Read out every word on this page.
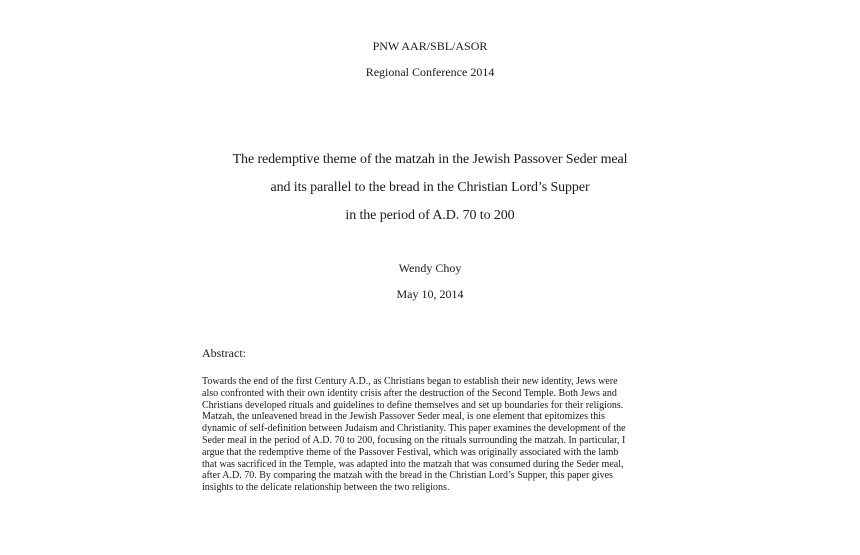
PNW AAR/SBL/ASOR
Regional Conference 2014
The redemptive theme of the matzah in the Jewish Passover Seder meal
and its parallel to the bread in the Christian Lord’s Supper
in the period of A.D. 70 to 200
Wendy Choy
May 10, 2014
Abstract:
Towards the end of the first Century A.D., as Christians began to establish their new identity, Jews were
also confronted with their own identity crisis after the destruction of the Second Temple. Both Jews and
Christians developed rituals and guidelines to define themselves and set up boundaries for their religions.
Matzah, the unleavened bread in the Jewish Passover Seder meal, is one element that epitomizes this
dynamic of self-definition between Judaism and Christianity. This paper examines the development of the
Seder meal in the period of A.D. 70 to 200, focusing on the rituals surrounding the matzah. In particular, I
argue that the redemptive theme of the Passover Festival, which was originally associated with the lamb
that was sacrificed in the Temple, was adapted into the matzah that was consumed during the Seder meal,
after A.D. 70. By comparing the matzah with the bread in the Christian Lord’s Supper, this paper gives
insights to the delicate relationship between the two religions.
